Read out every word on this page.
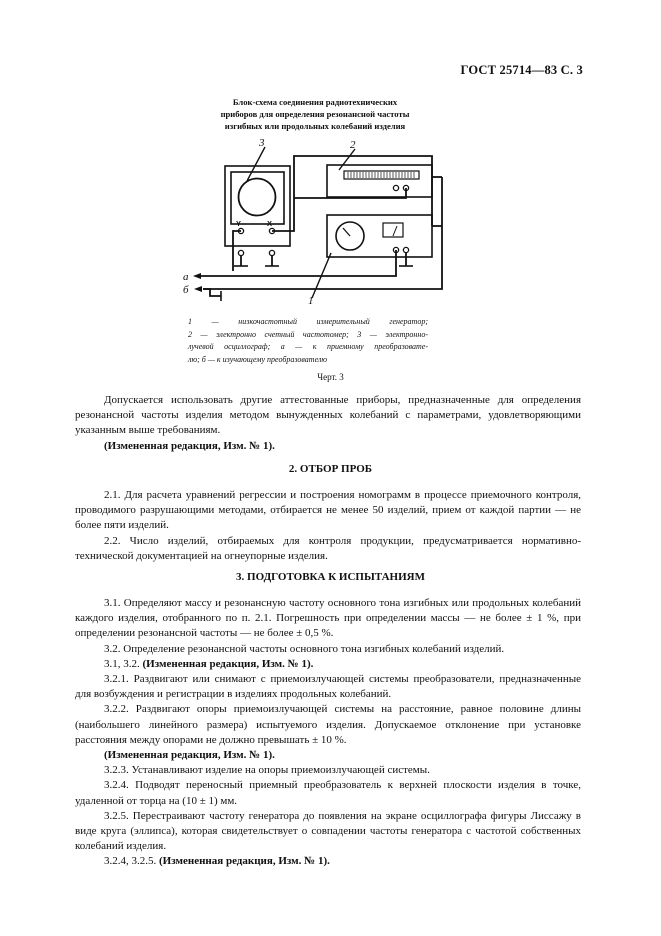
ГОСТ 25714—83 С. 3
Блок-схема соединения радиотехнических
приборов для определения резонансной частоты
изгибных или продольных колебаний изделия
3	2
1
а
б
Y	X
1 — низкочастотный измерительный генератор;
2 — электронно счетный частотомер; 3 — электронно-
лучевой осциллограф; а — к приемному преобразовате-
лю; б — к изучающему преобразователю
Черт. 3

Допускается использовать другие аттестованные приборы, предназначенные для определения резонансной частоты изделия методом вынужденных колебаний с параметрами, удовлетворяющими указанным выше требованиям.

(Измененная редакция, Изм. № 1).

2. ОТБОР ПРОБ

2.1. Для расчета уравнений регрессии и построения номограмм в процессе приемочного контроля, проводимого разрушающими методами, отбирается не менее 50 изделий, прием от каждой партии — не более пяти изделий.

2.2. Число изделий, отбираемых для контроля продукции, предусматривается нормативно-технической документацией на огнеупорные изделия.

3. ПОДГОТОВКА К ИСПЫТАНИЯМ

3.1. Определяют массу и резонансную частоту основного тона изгибных или продольных колебаний каждого изделия, отобранного по п. 2.1. Погрешность при определении массы — не более ± 1 %, при определении резонансной частоты — не более ± 0,5 %.

3.2. Определение резонансной частоты основного тона изгибных колебаний изделий.

3.1, 3.2. (Измененная редакция, Изм. № 1).

3.2.1. Раздвигают или снимают с приемоизлучающей системы преобразователи, предназначенные для возбуждения и регистрации в изделиях продольных колебаний.

3.2.2. Раздвигают опоры приемоизлучающей системы на расстояние, равное половине длины (наибольшего линейного размера) испытуемого изделия. Допускаемое отклонение при установке расстояния между опорами не должно превышать ± 10 %.

(Измененная редакция, Изм. № 1).

3.2.3. Устанавливают изделие на опоры приемоизлучающей системы.

3.2.4. Подводят переносный приемный преобразователь к верхней плоскости изделия в точке, удаленной от торца на (10 ± 1) мм.

3.2.5. Перестраивают частоту генератора до появления на экране осциллографа фигуры Лиссажу в виде круга (эллипса), которая свидетельствует о совпадении частоты генератора с частотой собственных колебаний изделия.

3.2.4, 3.2.5. (Измененная редакция, Изм. № 1).
